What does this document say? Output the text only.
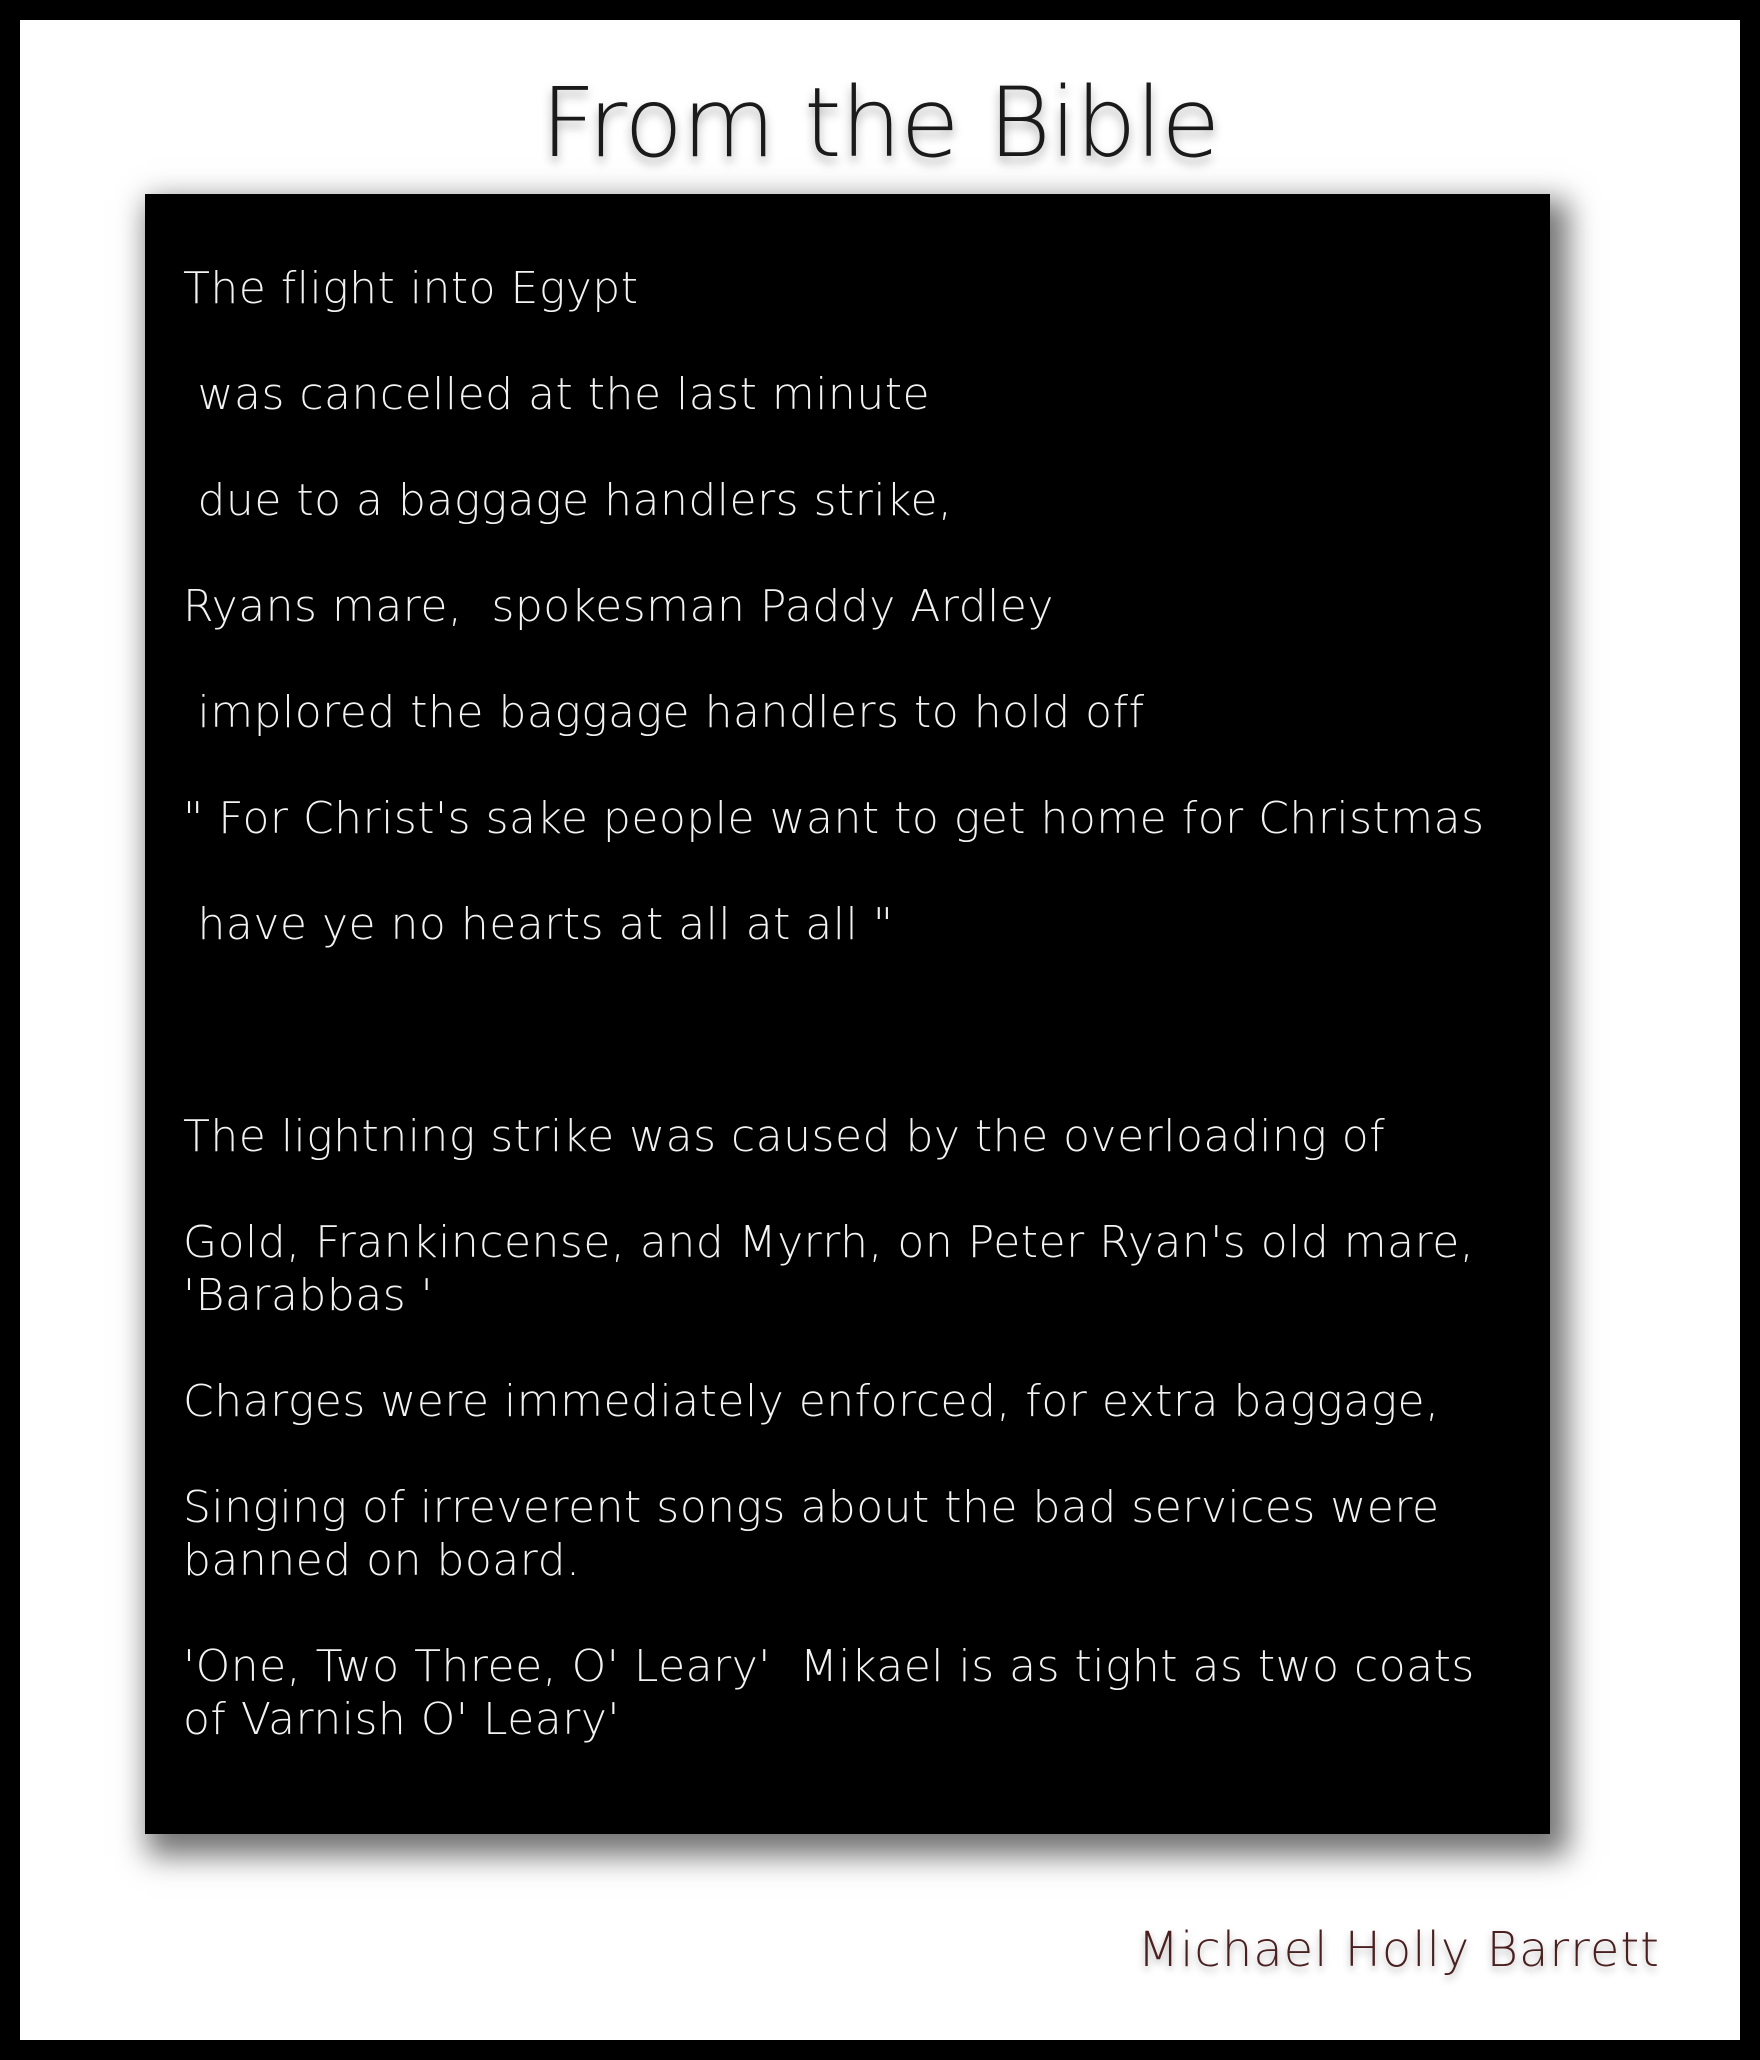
From the Bible

The flight into Egypt

was cancelled at the last minute

due to a baggage handlers strike,

Ryans mare,  spokesman Paddy Ardley

implored the baggage handlers to hold off

" For Christ's sake people want to get home for Christmas

have ye no hearts at all at all "

The lightning strike was caused by the overloading of

Gold, Frankincense, and Myrrh, on Peter Ryan's old mare, 'Barabbas '

Charges were immediately enforced, for extra baggage,

Singing of irreverent songs about the bad services were banned on board.

'One, Two Three, O' Leary'  Mikael is as tight as two coats of Varnish O' Leary'

Michael Holly Barrett
